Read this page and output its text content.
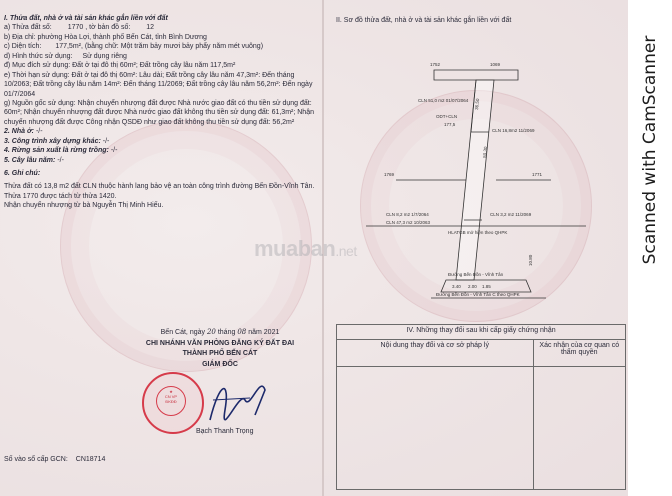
I. Thửa đất, nhà ở và tài sản khác gắn liền với đất
a) Thửa đất số: 1770 , tờ bản đồ số: 12
b) Địa chỉ: phường Hòa Lợi, thành phố Bến Cát, tỉnh Bình Dương
c) Diện tích: 177,5m², (bằng chữ: Một trăm bảy mươi bảy phẩy năm mét vuông)
d) Hình thức sử dụng: Sử dụng riêng
đ) Mục đích sử dụng: Đất ở tại đô thị 60m²; Đất trồng cây lâu năm 117,5m²
e) Thời hạn sử dụng: Đất ở tại đô thị 60m²: Lâu dài; Đất trồng cây lâu năm 47,3m²: Đến tháng 10/2063; Đất trồng cây lâu năm 14m²: Đến tháng 11/2069; Đất trồng cây lâu năm 56,2m²: Đến ngày 01/7/2064
g) Nguồn gốc sử dụng: Nhận chuyển nhượng đất được Nhà nước giao đất có thu tiền sử dụng đất: 60m²; Nhận chuyển nhượng đất được Nhà nước giao đất không thu tiền sử dụng đất: 61,3m²; Nhận chuyển nhượng đất được Công nhận QSDĐ như giao đất không thu tiền sử dụng đất: 56,2m²
2. Nhà ở: -/-
3. Công trình xây dựng khác: -/-
4. Rừng sản xuất là rừng trồng: -/-
5. Cây lâu năm: -/-
6. Ghi chú:
Thửa đất có 13,8 m2 đất CLN thuộc hành lang bảo vệ an toàn công trình đường Bến Đồn-Vĩnh Tân.
Thửa 1770 được tách từ thửa 1420.
Nhận chuyển nhượng từ bà Nguyễn Thị Minh Hiếu.
Bến Cát, ngày 20 tháng 08 năm 2021
CHI NHÁNH VĂN PHÒNG ĐĂNG KÝ ĐẤT ĐAI
THÀNH PHỐ BẾN CÁT
GIÁM ĐỐC
★
CN VP
ĐKĐĐ
Bạch Thanh Trọng
Số vào sổ cấp GCN: CN18714
II. Sơ đồ thửa đất, nhà ở và tài sản khác gắn liền với đất
1752	1069
1769	1771
CLN 51,0 m2 01/07/2064
ODT+CLN
177,5
CLN 16,8m2 11/2069
CLN 8,2 m2 1/7/2064	CLN 3,2 m2 11/2069
CLN 47,3 m2 10/2063
HLATGB mở hiện theo QHPK
Đường Bến Đồn - Vĩnh Tân
Đường Bến Đồn - Vĩnh Tân C theo QHPK
3.40 2.00 1.85
10.80
50.30
36.50
muaban.net
IV. Những thay đổi sau khi cấp giấy chứng nhận	
Nội dung thay đổi và cơ sở pháp lý	Xác nhận của cơ quan có thẩm quyền

Scanned with CamScanner
